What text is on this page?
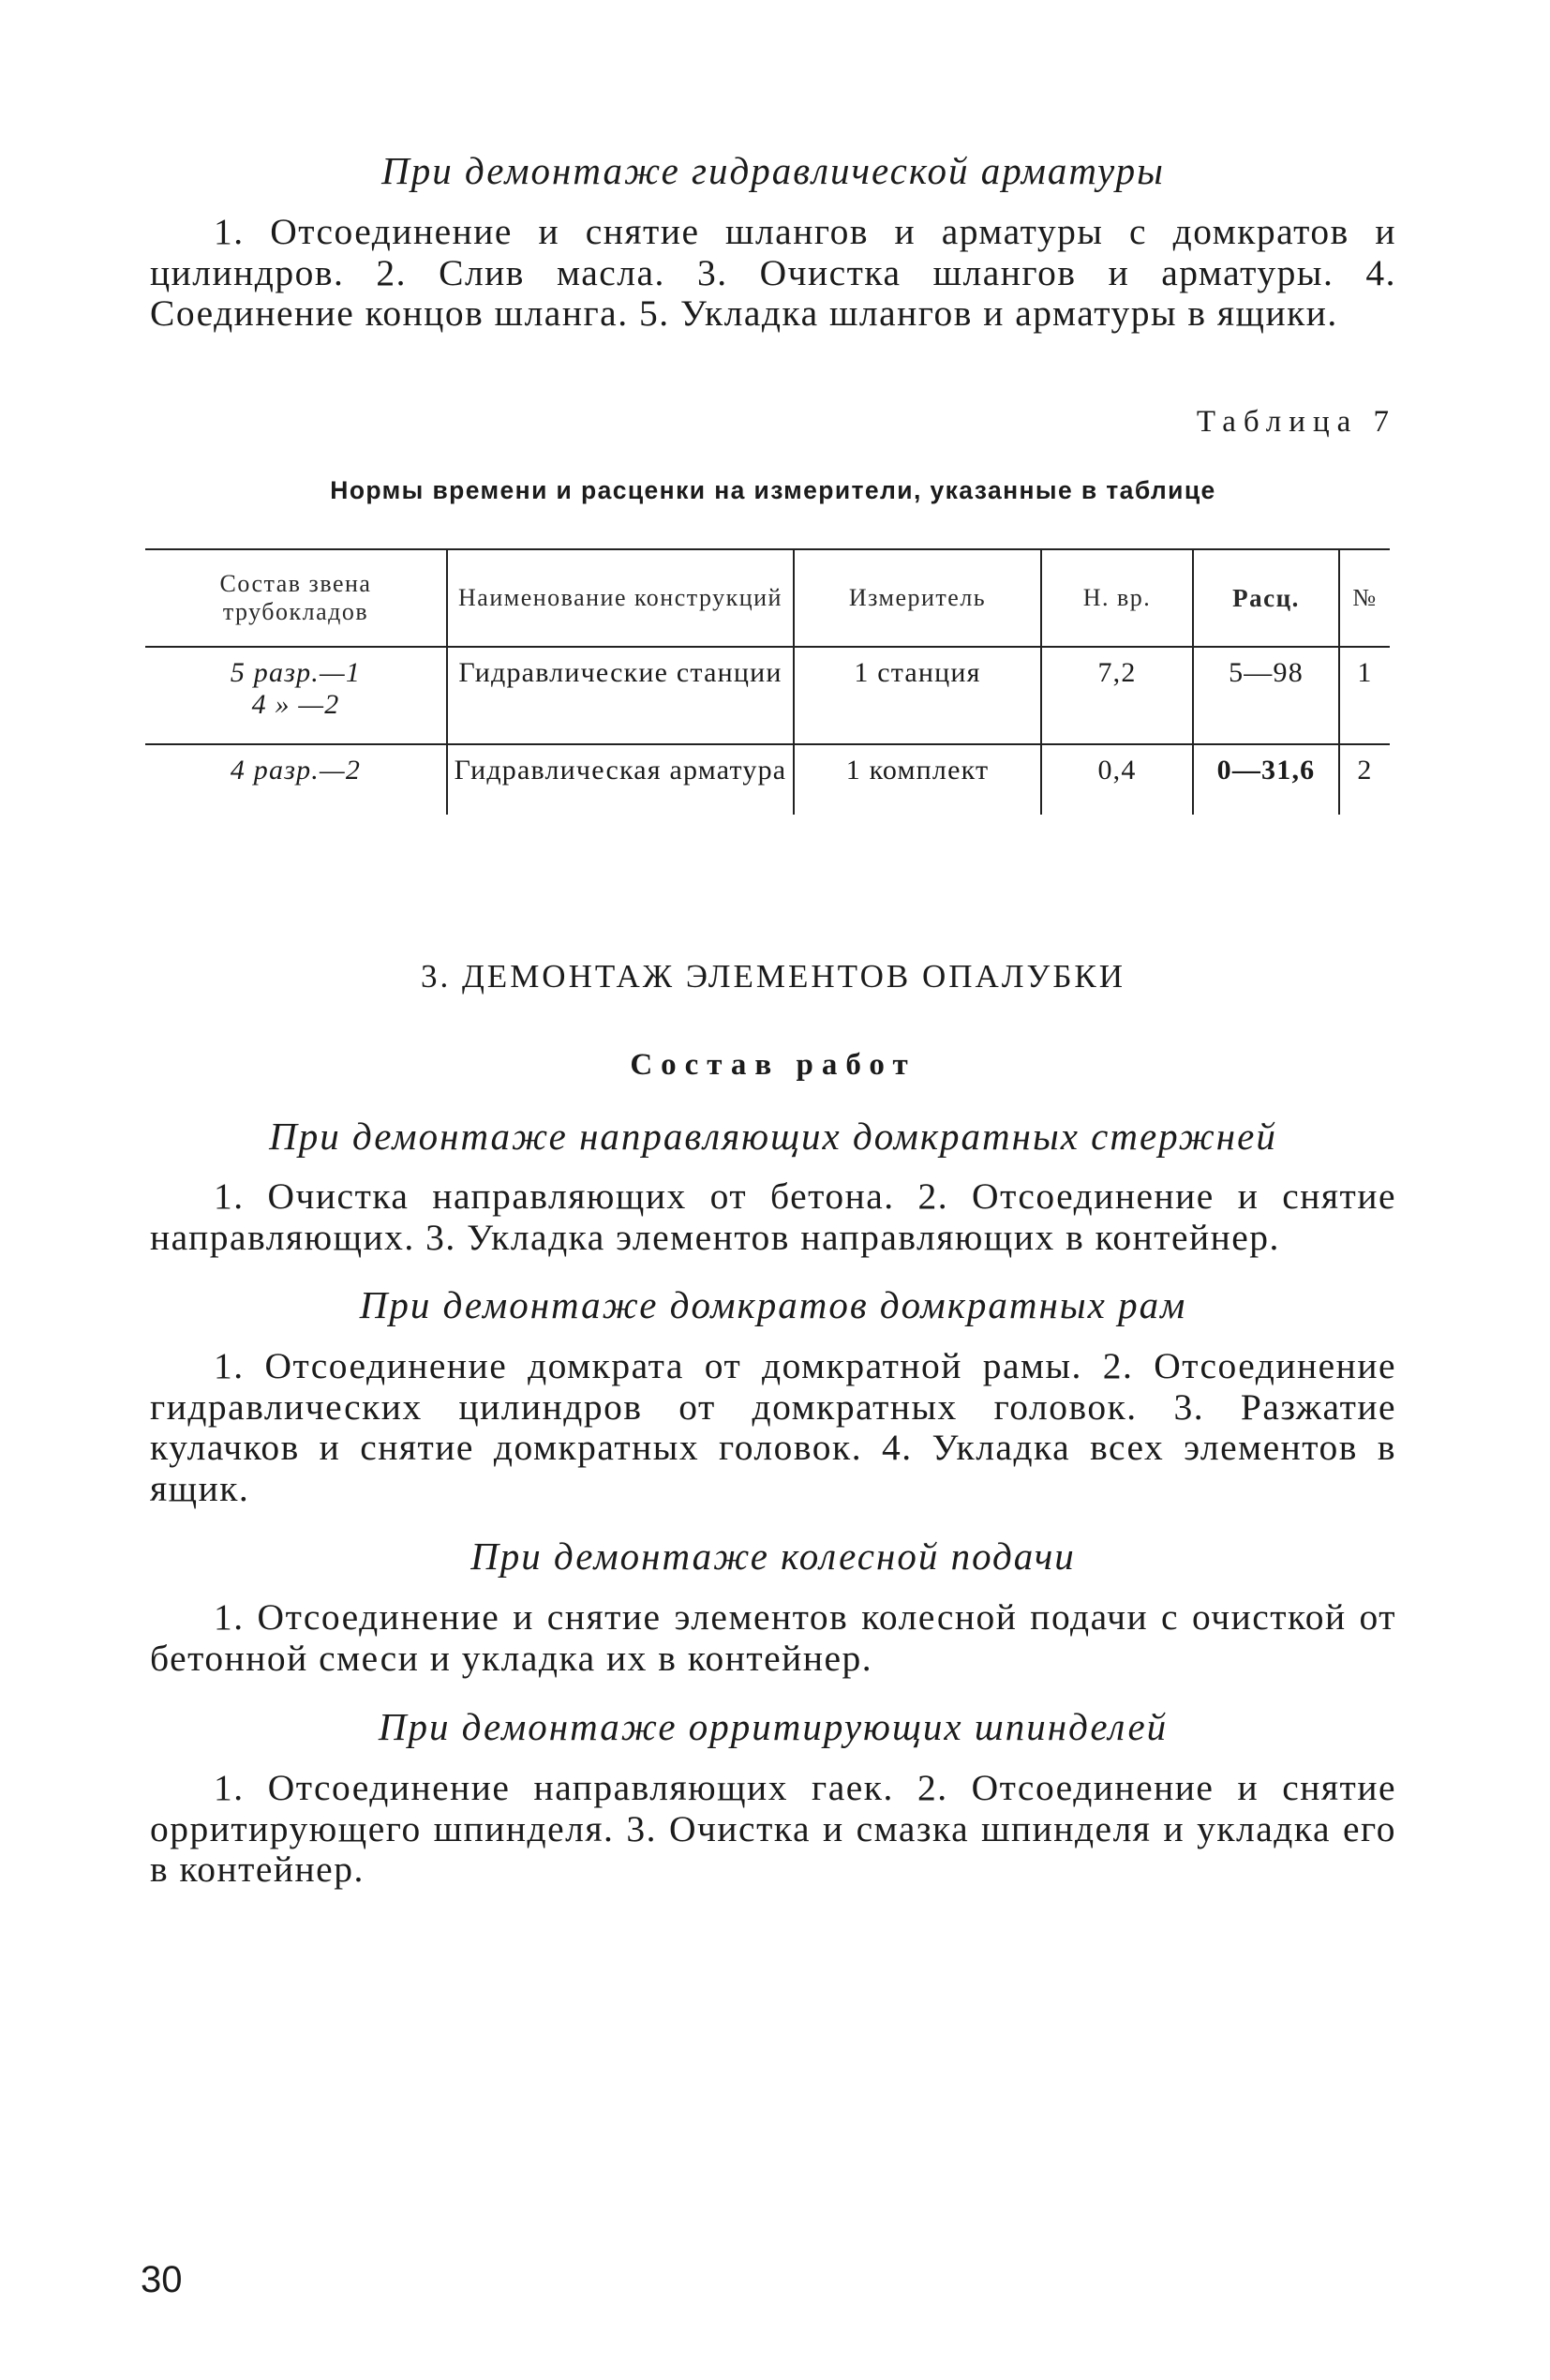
При демонтаже гидравлической арматуры

1. Отсоединение и снятие шлангов и арматуры с домкратов и цилиндров. 2. Слив масла. 3. Очистка шлангов и арматуры. 4. Соединение концов шланга. 5. Укладка шлангов и арматуры в ящики.

Таблица 7
Нормы времени и расценки на измерители, указанные в таблице
Состав звена трубокладов	Наименование конструкций	Измеритель	Н. вр.	Расц.	№

5 разр.—1
4 » —2	Гидравлические станции	1 станция	7,2	5—98	1

4 разр.—2	Гидравлическая арматура	1 комплект	0,4	0—31,6	2
3. ДЕМОНТАЖ ЭЛЕМЕНТОВ ОПАЛУБКИ
Состав работ
При демонтаже направляющих домкратных стержней

1. Очистка направляющих от бетона. 2. Отсоединение и снятие направляющих. 3. Укладка элементов направляющих в контейнер.

При демонтаже домкратов домкратных рам

1. Отсоединение домкрата от домкратной рамы. 2. Отсоединение гидравлических цилиндров от домкратных головок. 3. Разжатие кулачков и снятие домкратных головок. 4. Укладка всех элементов в ящик.

При демонтаже колесной подачи

1. Отсоединение и снятие элементов колесной подачи с очисткой от бетонной смеси и укладка их в контейнер.

При демонтаже орритирующих шпинделей

1. Отсоединение направляющих гаек. 2. Отсоединение и снятие орритирующего шпинделя. 3. Очистка и смазка шпинделя и укладка его в контейнер.

30
